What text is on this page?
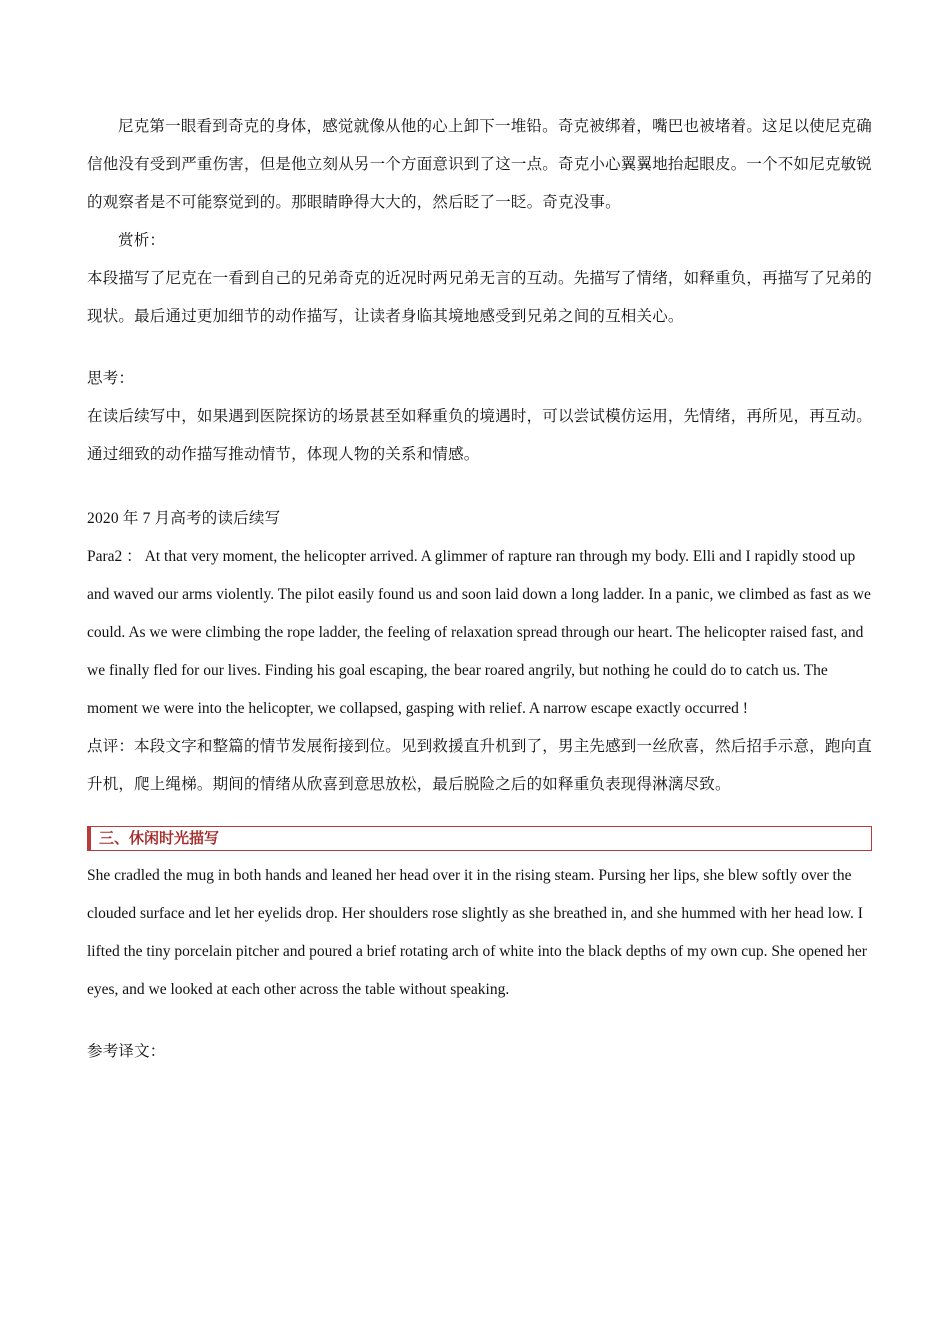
尼克第一眼看到奇克的身体，感觉就像从他的心上卸下一堆铅。奇克被绑着，嘴巴也被堵着。这足以使尼克确信他没有受到严重伤害，但是他立刻从另一个方面意识到了这一点。奇克小心翼翼地抬起眼皮。一个不如尼克敏锐的观察者是不可能察觉到的。那眼睛睁得大大的，然后眨了一眨。奇克没事。

赏析：

本段描写了尼克在一看到自己的兄弟奇克的近况时两兄弟无言的互动。先描写了情绪，如释重负，再描写了兄弟的现状。最后通过更加细节的动作描写，让读者身临其境地感受到兄弟之间的互相关心。

思考：

在读后续写中，如果遇到医院探访的场景甚至如释重负的境遇时，可以尝试模仿运用，先情绪，再所见，再互动。通过细致的动作描写推动情节，体现人物的关系和情感。

2020 年 7 月高考的读后续写

Para2 ： At that very moment, the helicopter arrived. A glimmer of rapture ran through my body. Elli and I rapidly stood up and waved our arms violently. The pilot easily found us and soon laid down a long ladder. In a panic, we climbed as fast as we could. As we were climbing the rope ladder, the feeling of relaxation spread through our heart. The helicopter raised fast, and we finally fled for our lives. Finding his goal escaping, the bear roared angrily, but nothing he could do to catch us. The moment we were into the helicopter, we collapsed, gasping with relief. A narrow escape exactly occurred !

点评：本段文字和整篇的情节发展衔接到位。见到救援直升机到了，男主先感到一丝欣喜，然后招手示意，跑向直升机，爬上绳梯。期间的情绪从欣喜到意思放松，最后脱险之后的如释重负表现得淋漓尽致。

三、休闲时光描写

She cradled the mug in both hands and leaned her head over it in the rising steam. Pursing her lips, she blew softly over the clouded surface and let her eyelids drop. Her shoulders rose slightly as she breathed in, and she hummed with her head low. I lifted the tiny porcelain pitcher and poured a brief rotating arch of white into the black depths of my own cup. She opened her eyes, and we looked at each other across the table without speaking.

参考译文：
